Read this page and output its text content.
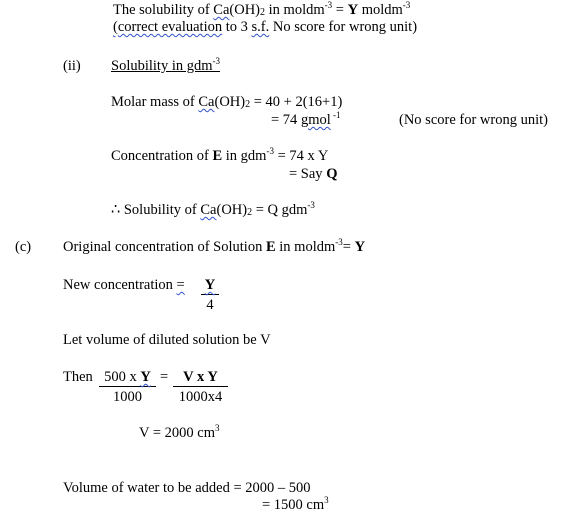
The solubility of $Ca(OH)_2$ in moldm$^{-3}$ = Y moldm$^{-3}$
(correct evaluation to 3 s.f. No score for wrong unit)
(ii) Solubility in gdm$^{-3}$
Molar mass of $Ca(OH)_2 = 40 + 2(16+1)$
= 74 gmol $^{-1}$	(No score for wrong unit)
Concentration of E in gdm$^{-3}$ = 74 x Y
= Say Q
∴ Solubility of $Ca(OH)_2 = Q$ gdm$^{-3}$
(c) Original concentration of Solution E in moldm$^{-3}$= Y
New concentration = $\frac{Y}{4}$
Let volume of diluted solution be V
Then $\frac{\text{500 x Y}}{1000} = \frac{\text{V x Y}}{1000x4}$
V = 2000 $cm^3$
Volume of water to be added = 2000 – 500
= 1500 $cm^3$
